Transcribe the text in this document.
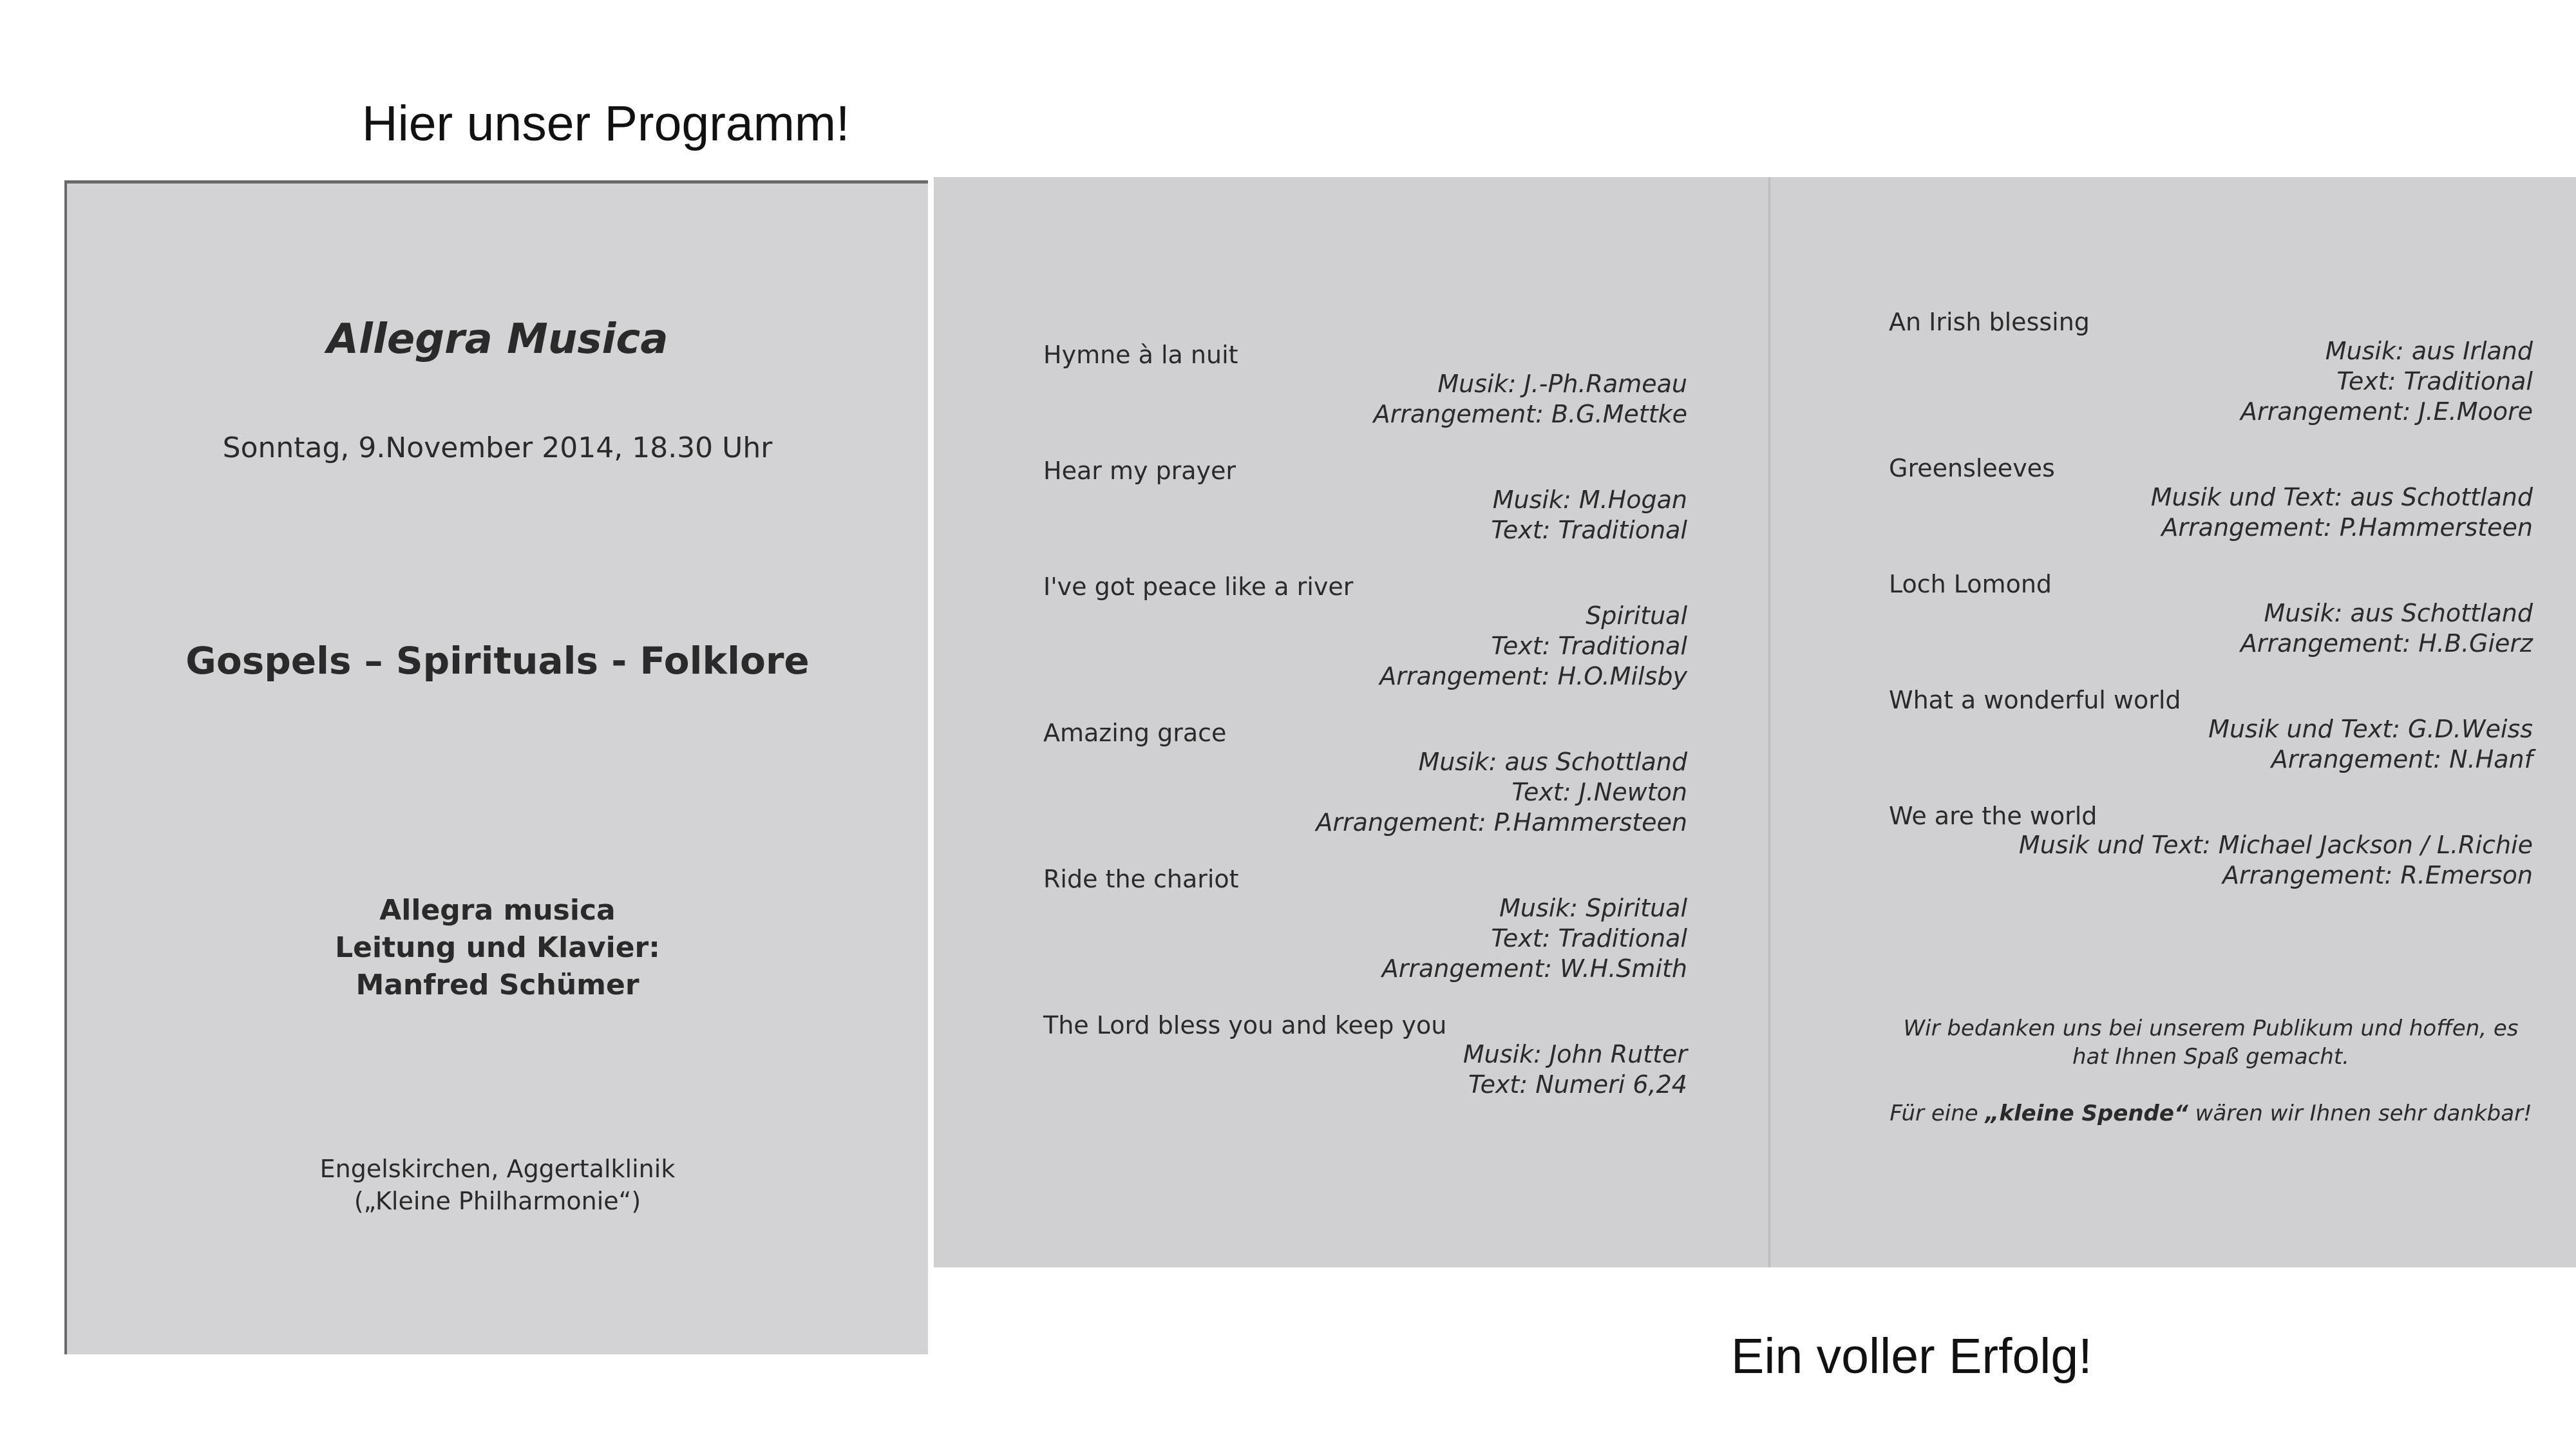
Hier unser Programm!
Allegra Musica
Sonntag, 9.November 2014, 18.30 Uhr
Gospels – Spirituals - Folklore
Allegra musica
Leitung und Klavier:
Manfred Schümer
Engelskirchen, Aggertalklinik
(„Kleine Philharmonie“)
Hymne à la nuit
Musik: J.-Ph.Rameau
Arrangement: B.G.Mettke
Hear my prayer
Musik: M.Hogan
Text: Traditional
I've got peace like a river
Spiritual
Text: Traditional
Arrangement: H.O.Milsby
Amazing grace
Musik: aus Schottland
Text: J.Newton
Arrangement: P.Hammersteen
Ride the chariot
Musik: Spiritual
Text: Traditional
Arrangement: W.H.Smith
The Lord bless you and keep you
Musik: John Rutter
Text: Numeri 6,24
An Irish blessing
Musik: aus Irland
Text: Traditional
Arrangement: J.E.Moore
Greensleeves
Musik und Text: aus Schottland
Arrangement: P.Hammersteen
Loch Lomond
Musik: aus Schottland
Arrangement: H.B.Gierz
What a wonderful world
Musik und Text: G.D.Weiss
Arrangement: N.Hanf
We are the world
Musik und Text: Michael Jackson / L.Richie
Arrangement: R.Emerson
Wir bedanken uns bei unserem Publikum und hoffen, es hat Ihnen Spaß gemacht.
Für eine „kleine Spende“ wären wir Ihnen sehr dankbar!
Ein voller Erfolg!
